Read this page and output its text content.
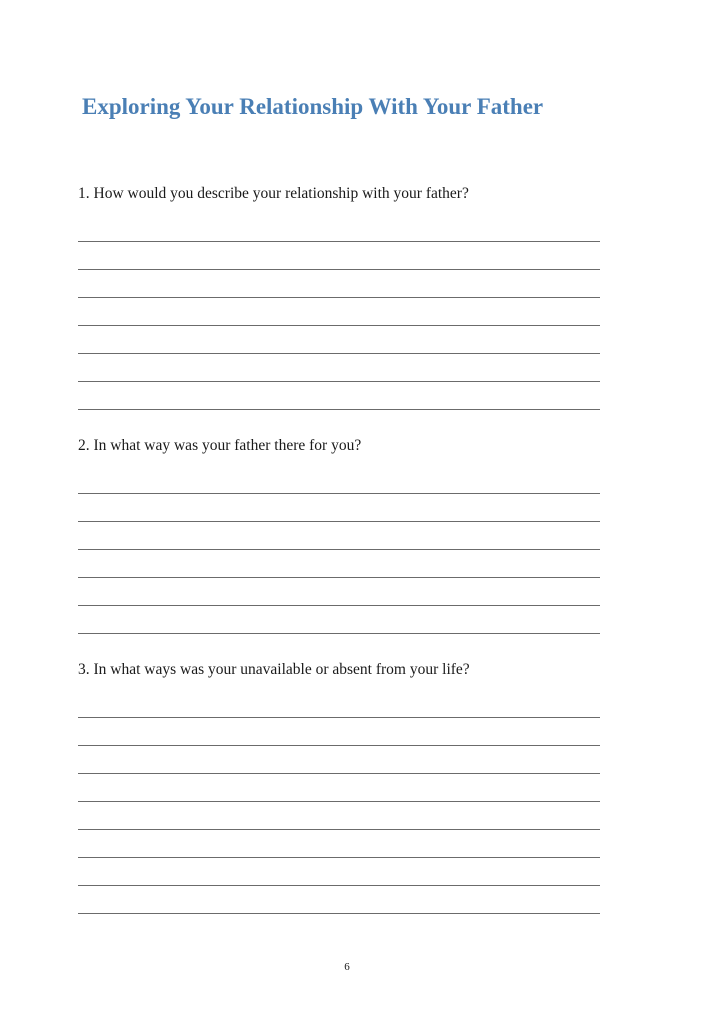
Exploring Your Relationship With Your Father
1 . How would you describe your relationship with your father?
2 . In what way was your father there for you?
3 . In what ways was your unavailable or absent from your life?
6
